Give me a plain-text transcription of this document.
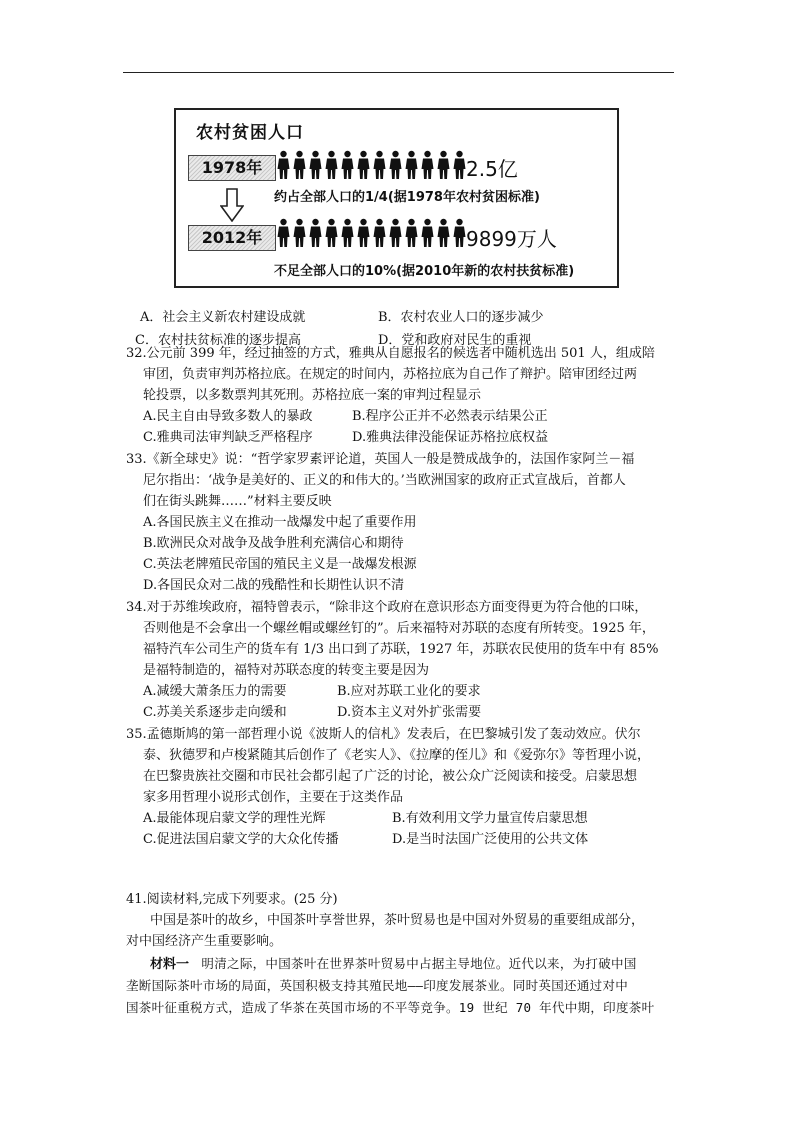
农村贫困人口
1978年	2.5亿
约占全部人口的1/4(据1978年农村贫困标准)
2012年	9899万人
不足全部人口的10%(据2010年新的农村扶贫标准)
A．社会主义新农村建设成就	B．农村农业人口的逐步减少
C．农村扶贫标准的逐步提高	D．党和政府对民生的重视
32.公元前 399 年，经过抽签的方式，雅典从自愿报名的候选者中随机选出 501 人，组成陪
审团，负责审判苏格拉底。在规定的时间内，苏格拉底为自己作了辩护。陪审团经过两
轮投票，以多数票判其死刑。苏格拉底一案的审判过程显示
A.民主自由导致多数人的暴政	B.程序公正并不必然表示结果公正
C.雅典司法审判缺乏严格程序	D.雅典法律没能保证苏格拉底权益
33.《新全球史》说：“哲学家罗素评论道，英国人一般是赞成战争的，法国作家阿兰－福
尼尔指出：‘战争是美好的、正义的和伟大的。’当欧洲国家的政府正式宣战后，首都人
们在街头跳舞……”材料主要反映
A.各国民族主义在推动一战爆发中起了重要作用
B.欧洲民众对战争及战争胜利充满信心和期待
C.英法老牌殖民帝国的殖民主义是一战爆发根源
D.各国民众对二战的残酷性和长期性认识不清
34.对于苏维埃政府，福特曾表示，“除非这个政府在意识形态方面变得更为符合他的口味，
否则他是不会拿出一个螺丝帽或螺丝钉的”。后来福特对苏联的态度有所转变。1925 年，
福特汽车公司生产的货车有 1/3 出口到了苏联，1927 年，苏联农民使用的货车中有 85%
是福特制造的，福特对苏联态度的转变主要是因为
A.减缓大萧条压力的需要	B.应对苏联工业化的要求
C.苏美关系逐步走向缓和	D.资本主义对外扩张需要
35.孟德斯鸠的第一部哲理小说《波斯人的信札》发表后，在巴黎城引发了轰动效应。伏尔
泰、狄德罗和卢梭紧随其后创作了《老实人》、《拉摩的侄儿》和《爱弥尔》等哲理小说，
在巴黎贵族社交圈和市民社会都引起了广泛的讨论，被公众广泛阅读和接受。启蒙思想
家多用哲理小说形式创作，主要在于这类作品
A.最能体现启蒙文学的理性光辉	B.有效利用文学力量宣传启蒙思想
C.促进法国启蒙文学的大众化传播	D.是当时法国广泛使用的公共文体
41.阅读材料,完成下列要求。(25 分)
中国是茶叶的故乡，中国茶叶享誉世界，茶叶贸易也是中国对外贸易的重要组成部分，
对中国经济产生重要影响。
材料一 明清之际，中国茶叶在世界茶叶贸易中占据主导地位。近代以来，为打破中国
垄断国际茶叶市场的局面，英国积极支持其殖民地——印度发展茶业。同时英国还通过对中
国茶叶征重税方式，造成了华茶在英国市场的不平等竞争。19 世纪 70 年代中期，印度茶叶
